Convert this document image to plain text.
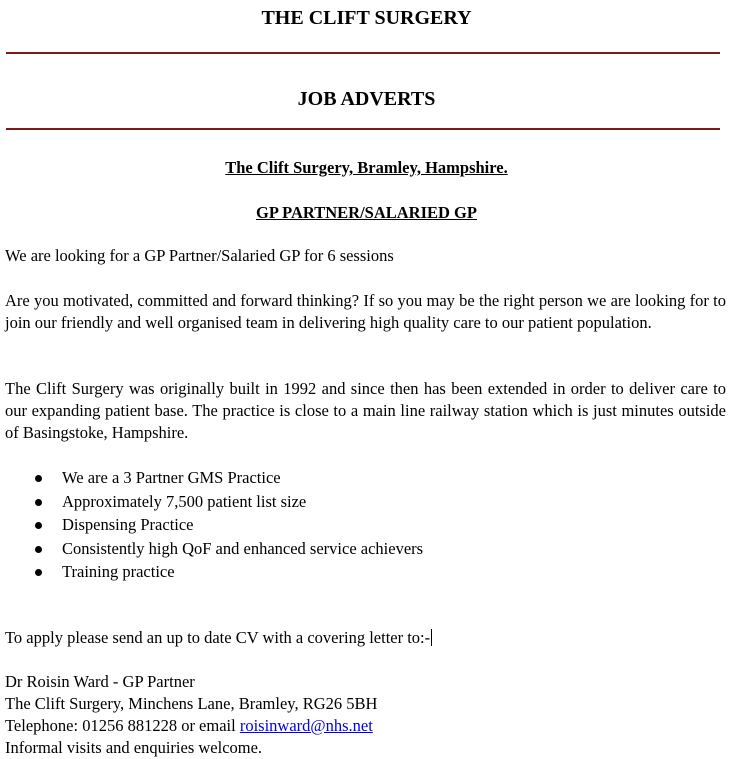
THE CLIFT SURGERY
JOB ADVERTS
The Clift Surgery, Bramley, Hampshire.
GP PARTNER/SALARIED GP
We are looking for a GP Partner/Salaried GP for 6 sessions
Are you motivated, committed and forward thinking? If so you may be the right person we are looking for to join our friendly and well organised team in delivering high quality care to our patient population.
The Clift Surgery was originally built in 1992 and since then has been extended in order to deliver care to our expanding patient base. The practice is close to a main line railway station which is just minutes outside of Basingstoke, Hampshire.
We are a 3 Partner GMS Practice
Approximately 7,500 patient list size
Dispensing Practice
Consistently high QoF and enhanced service achievers
Training practice
To apply please send an up to date CV with a covering letter to:-
Dr Roisin Ward - GP Partner
The Clift Surgery, Minchens Lane, Bramley, RG26 5BH
Telephone: 01256 881228 or email roisinward@nhs.net
Informal visits and enquiries welcome.
